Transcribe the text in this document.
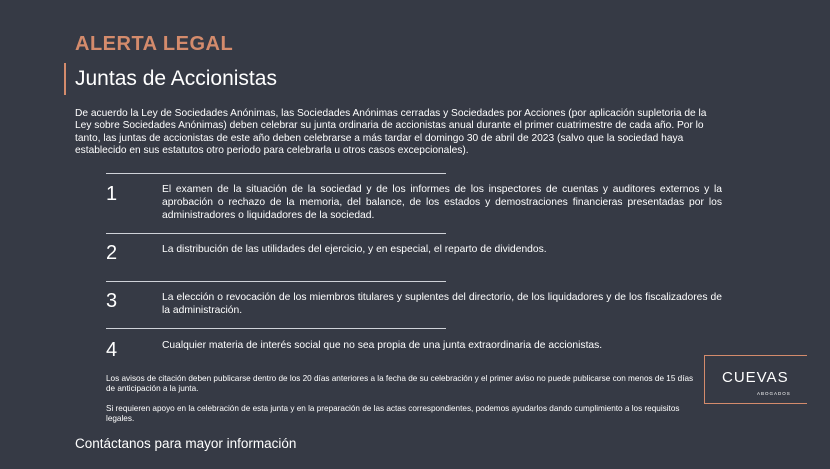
ALERTA LEGAL
Juntas de Accionistas

De acuerdo la Ley de Sociedades Anónimas, las Sociedades Anónimas cerradas y Sociedades por Acciones (por aplicación supletoria de la Ley sobre Sociedades Anónimas) deben celebrar su junta ordinaria de accionistas anual durante el primer cuatrimestre de cada año. Por lo tanto, las juntas de accionistas de este año deben celebrarse a más tardar el domingo 30 de abril de 2023 (salvo que la sociedad haya establecido en sus estatutos otro periodo para celebrarla u otros casos excepcionales).

1	El examen de la situación de la sociedad y de los informes de los inspectores de cuentas y auditores externos y la aprobación o rechazo de la memoria, del balance, de los estados y demostraciones financieras presentadas por los administradores o liquidadores de la sociedad.

2	La distribución de las utilidades del ejercicio, y en especial, el reparto de dividendos.

3	La elección o revocación de los miembros titulares y suplentes del directorio, de los liquidadores y de los fiscalizadores de la administración.

4	Cualquier materia de interés social que no sea propia de una junta extraordinaria de accionistas.

Los avisos de citación deben publicarse dentro de los 20 días anteriores a la fecha de su celebración y el primer aviso no puede publicarse con menos de 15 días de anticipación a la junta.

Si requieren apoyo en la celebración de esta junta y en la preparación de las actas correspondientes, podemos ayudarlos dando cumplimiento a los requisitos legales.

Contáctanos para mayor información
CUEVAS
ABOGADOS
